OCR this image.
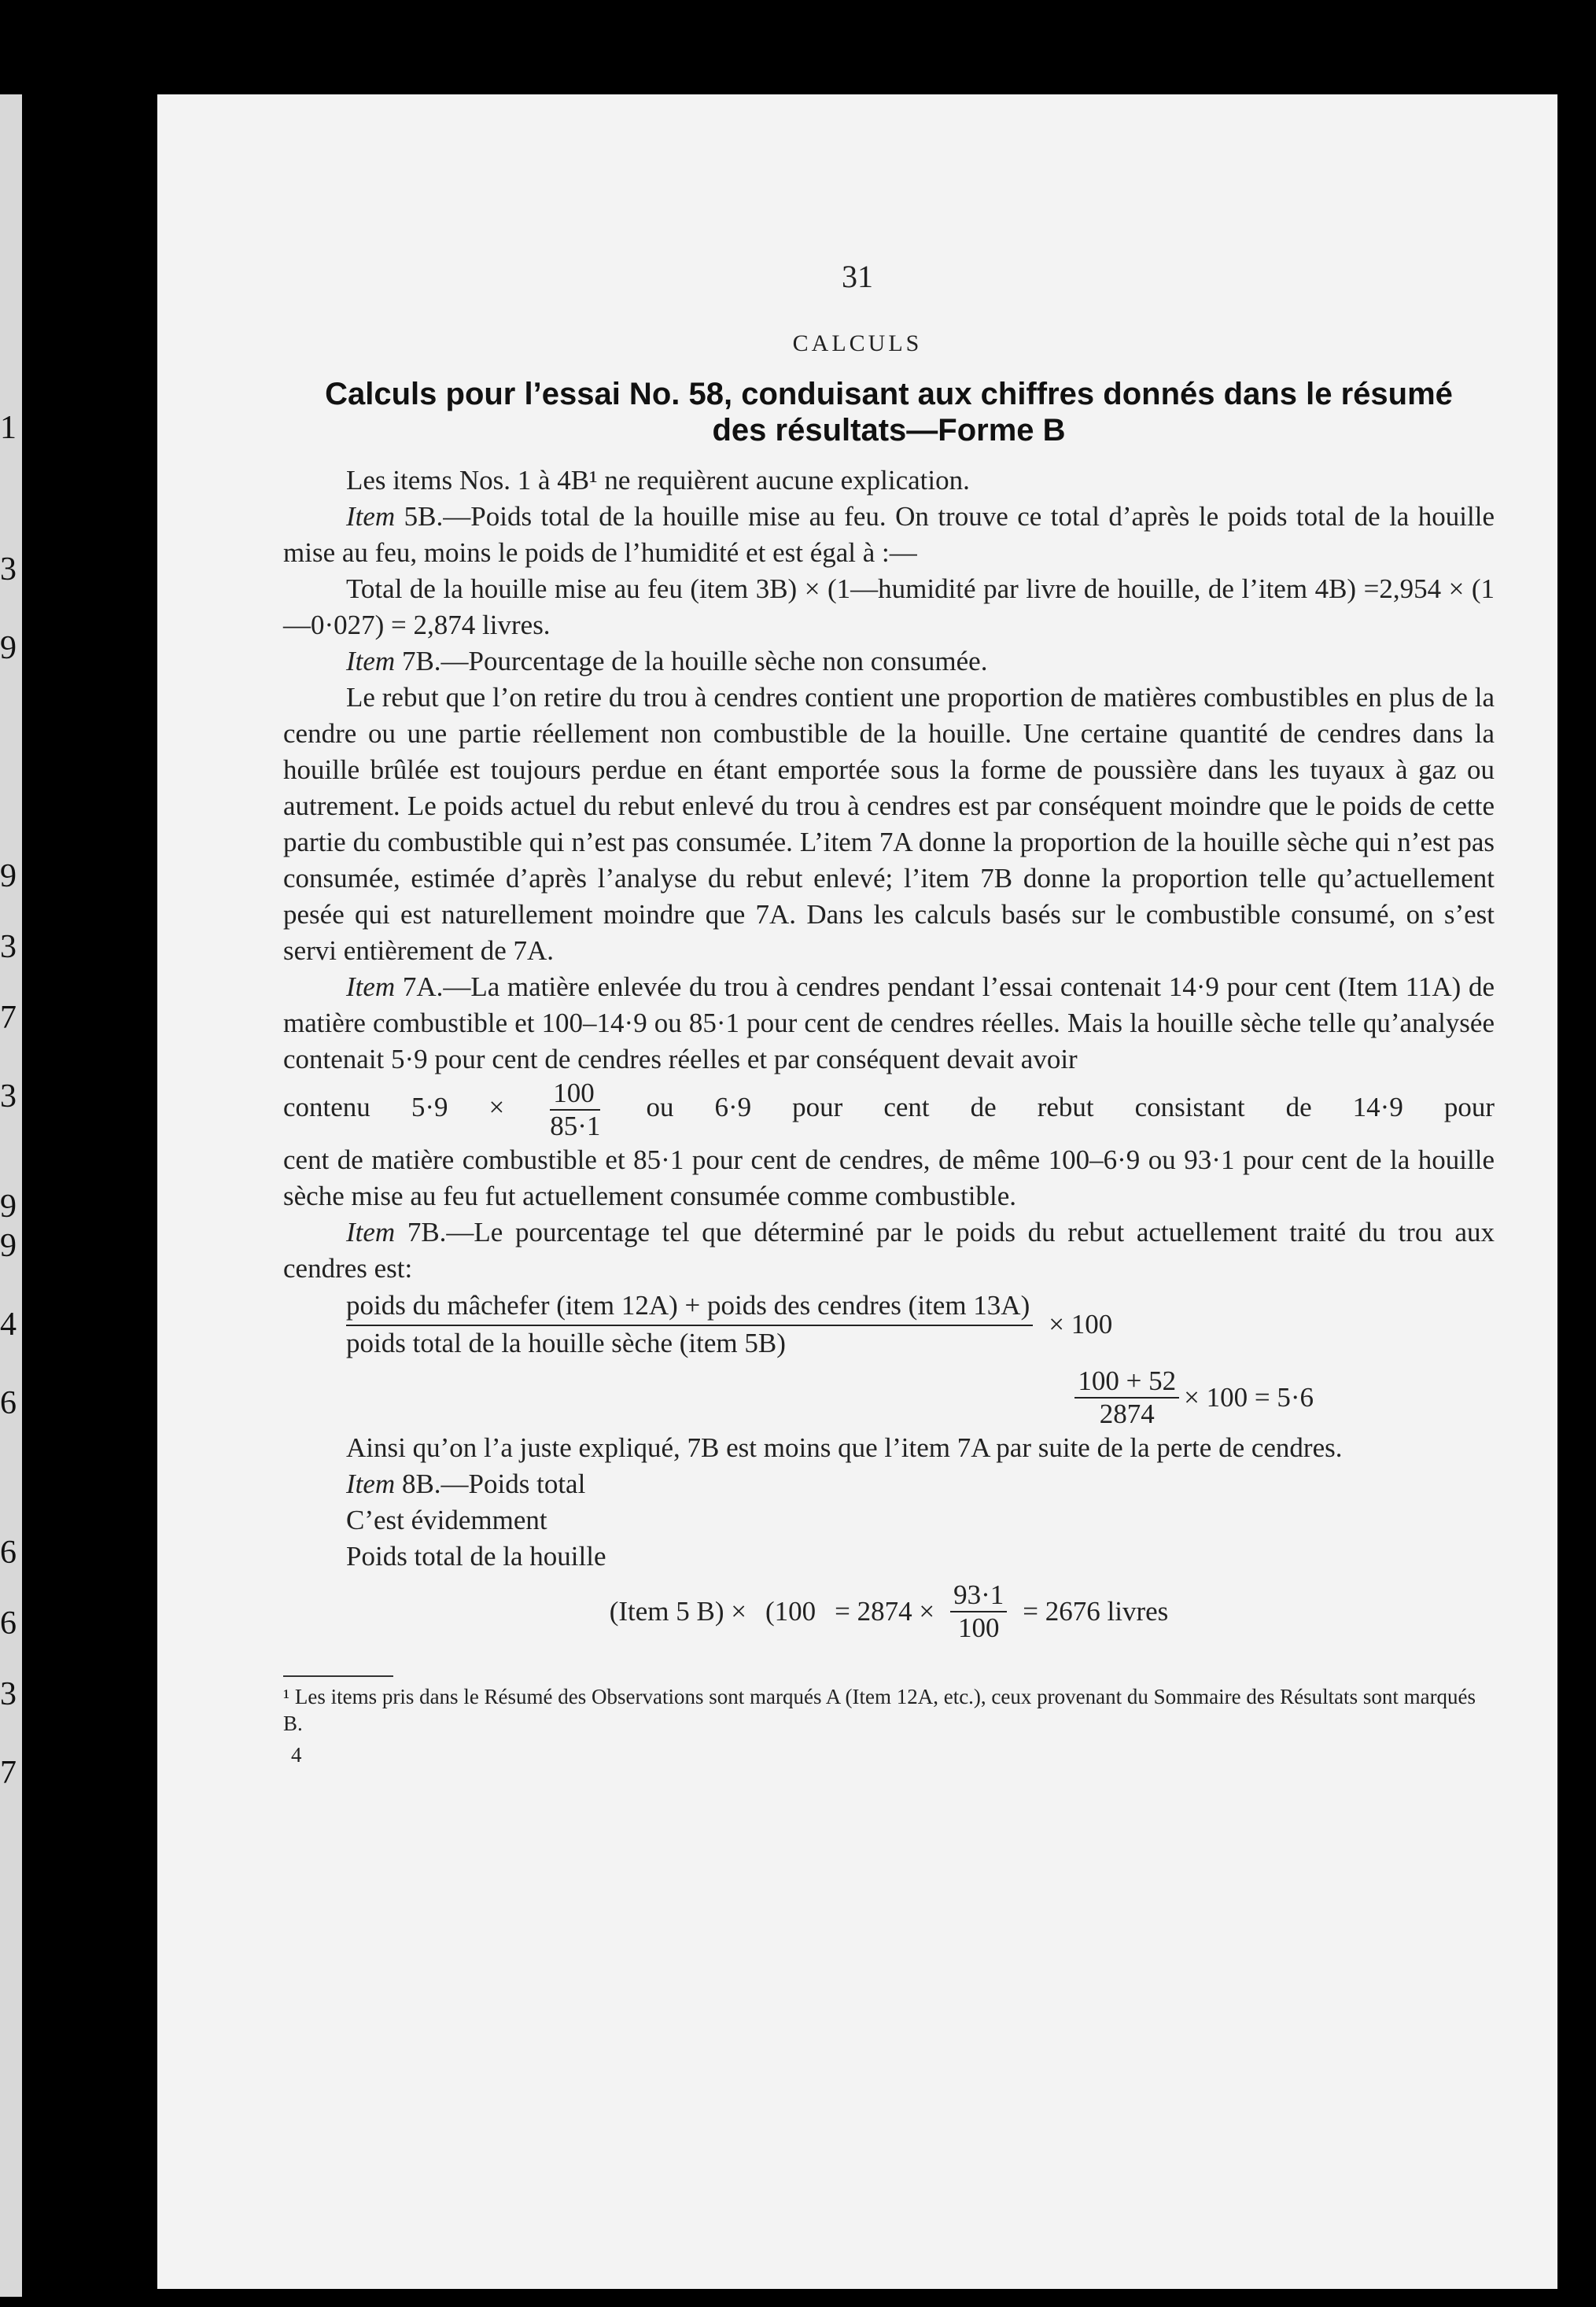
1
3
9
9
3
7
3
9
9
4
6
6
6
3
7
31
CALCULS
Calculs pour l’essai No. 58, conduisant aux chiffres donnés dans le résumé
des résultats—Forme B

Les items Nos. 1 à 4B¹ ne requièrent aucune explication.

Item 5B.—Poids total de la houille mise au feu. On trouve ce total d’après le poids total de la houille mise au feu, moins le poids de l’humidité et est égal à :—

Total de la houille mise au feu (item 3B) × (1—humidité par livre de houille, de l’item 4B) =2,954 × (1—0·027) = 2,874 livres.

Item 7B.—Pourcentage de la houille sèche non consumée.

Le rebut que l’on retire du trou à cendres contient une proportion de matières combustibles en plus de la cendre ou une partie réellement non combustible de la houille. Une certaine quantité de cendres dans la houille brûlée est toujours perdue en étant emportée sous la forme de poussière dans les tuyaux à gaz ou autrement. Le poids actuel du rebut enlevé du trou à cendres est par conséquent moindre que le poids de cette partie du combustible qui n’est pas consumée. L’item 7A donne la proportion de la houille sèche qui n’est pas consumée, estimée d’après l’analyse du rebut enlevé; l’item 7B donne la proportion telle qu’actuellement pesée qui est naturellement moindre que 7A. Dans les calculs basés sur le combustible consumé, on s’est servi entièrement de 7A.

Item 7A.—La matière enlevée du trou à cendres pendant l’essai contenait 14·9 pour cent (Item 11A) de matière combustible et 100–14·9 ou 85·1 pour cent de cendres réelles. Mais la houille sèche telle qu’analysée contenait 5·9 pour cent de cendres réelles et par conséquent devait avoir

contenu $5\cdot 9 \times \frac{100}{85\cdot 1}$ ou 6·9 pour cent de rebut consistant de 14·9 pour

cent de matière combustible et 85·1 pour cent de cendres, de même 100–6·9 ou 93·1 pour cent de la houille sèche mise au feu fut actuellement consumée comme combustible.

Item 7B.—Le pourcentage tel que déterminé par le poids du rebut actuellement traité du trou aux cendres est:

$\frac{\text{poids du mâchefer (item 12A) + poids des cendres (item 13A)}}{\text{poids total de la houille sèche (item 5B)}} \times 100$
$\frac{100 + 52}{2874} \times 100 = 5\cdot 6$

Ainsi qu’on l’a juste expliqué, 7B est moins que l’item 7A par suite de la perte de cendres.

Item 8B.—Poids total

C’est évidemment

Poids total de la houille

(Item 5 $B) \times (100 = 2874 \times \frac{93\cdot 1}{100} = 2676$ livres

¹ Les items pris dans le Résumé des Observations sont marqués A (Item 12A, etc.), ceux provenant du Sommaire des Résultats sont marqués B.

4
